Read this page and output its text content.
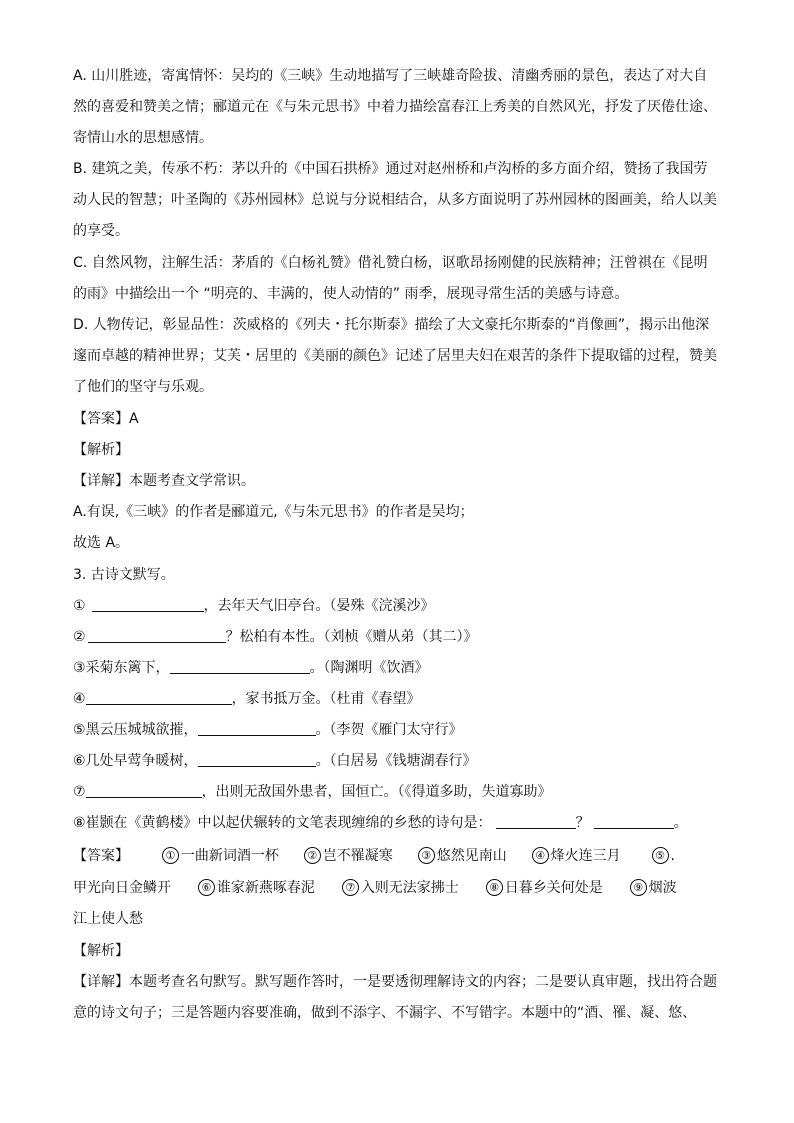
A. 山川胜迹，寄寓情怀：吴均的《三峡》生动地描写了三峡雄奇险拔、清幽秀丽的景色，表达了对大自
然的喜爱和赞美之情；郦道元在《与朱元思书》中着力描绘富春江上秀美的自然风光，抒发了厌倦仕途、
寄情山水的思想感情。
B. 建筑之美，传承不朽：茅以升的《中国石拱桥》通过对赵州桥和卢沟桥的多方面介绍，赞扬了我国劳
动人民的智慧；叶圣陶的《苏州园林》总说与分说相结合，从多方面说明了苏州园林的图画美，给人以美
的享受。
C. 自然风物，注解生活：茅盾的《白杨礼赞》借礼赞白杨，讴歌昂扬刚健的民族精神；汪曾祺在《昆明
的雨》中描绘出一个 “明亮的、丰满的，使人动情的” 雨季，展现寻常生活的美感与诗意。
D. 人物传记，彰显品性：茨威格的《列夫・托尔斯泰》描绘了大文豪托尔斯泰的“肖像画”，揭示出他深
邃而卓越的精神世界；艾芙・居里的《美丽的颜色》记述了居里夫妇在艰苦的条件下提取镭的过程，赞美
了他们的坚守与乐观。
【答案】A
【解析】
【详解】本题考查文学常识。
A.有误,《三峡》的作者是郦道元,《与朱元思书》的作者是吴均；
故选 A。
3. 古诗文默写。
①	，去年天气旧亭台。（晏殊《浣溪沙》
②	？松柏有本性。（刘桢《赠从弟（其二）》
③采菊东篱下，	。（陶渊明《饮酒》
④	，家书抵万金。（杜甫《春望》
⑤黑云压城城欲摧，	。（李贺《雁门太守行》
⑥几处早莺争暖树，	。（白居易《钱塘湖春行》
⑦	，出则无敌国外患者，国恒亡。（《得道多助，失道寡助》
⑧崔颢在《黄鹤楼》中以起伏辗转的文笔表现缠绵的乡愁的诗句是：	？	。
【答案】	① 一曲新词酒一杯	② 岂不罹凝寒	③ 悠然见南山	④ 烽火连三月	⑤ .
甲光向日金鳞开	⑥ 谁家新燕啄春泥	⑦ 入则无法家拂士	⑧ 日暮乡关何处是	⑨ 烟波
江上使人愁
【解析】
【详解】本题考查名句默写。默写题作答时，一是要透彻理解诗文的内容；二是要认真审题，找出符合题
意的诗文句子；三是答题内容要准确，做到不添字、不漏字、不写错字。本题中的“酒、罹、凝、悠、
